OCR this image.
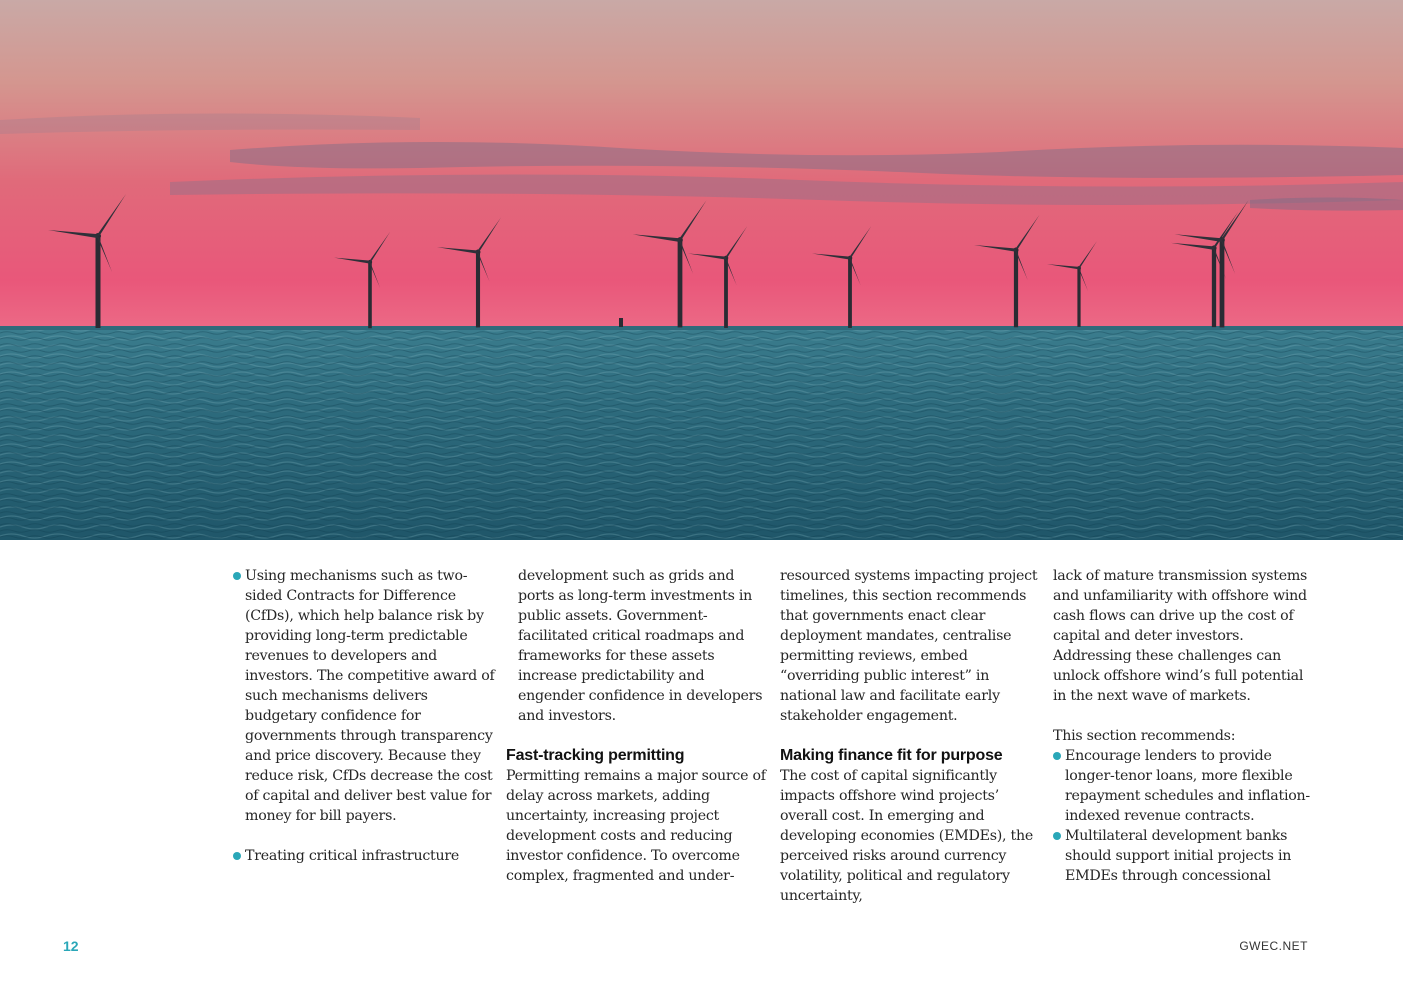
Using mechanisms such as two-sided Contracts for Difference (CfDs), which help balance risk by providing long-term predictable revenues to developers and investors. The competitive award of such mechanisms delivers budgetary confidence for governments through transparency and price discovery. Because they reduce risk, CfDs decrease the cost of capital and deliver best value for money for bill payers.

Treating critical infrastructure

development such as grids and ports as long-term investments in public assets. Government-facilitated critical roadmaps and frameworks for these assets increase predictability and engender confidence in developers and investors.

Fast-tracking permitting

Permitting remains a major source of delay across markets, adding uncertainty, increasing project development costs and reducing investor confidence. To overcome complex, fragmented and under-

resourced systems impacting project timelines, this section recommends that governments enact clear deployment mandates, centralise permitting reviews, embed “overriding public interest” in national law and facilitate early stakeholder engagement.

Making finance fit for purpose

The cost of capital significantly impacts offshore wind projects’ overall cost. In emerging and developing economies (EMDEs), the perceived risks around currency volatility, political and regulatory uncertainty,

lack of mature transmission systems and unfamiliarity with offshore wind cash flows can drive up the cost of capital and deter investors. Addressing these challenges can unlock offshore wind’s full potential in the next wave of markets.

This section recommends:

Encourage lenders to provide longer-tenor loans, more flexible repayment schedules and inflation-indexed revenue contracts.

Multilateral development banks should support initial projects in EMDEs through concessional

12	GWEC.NET
